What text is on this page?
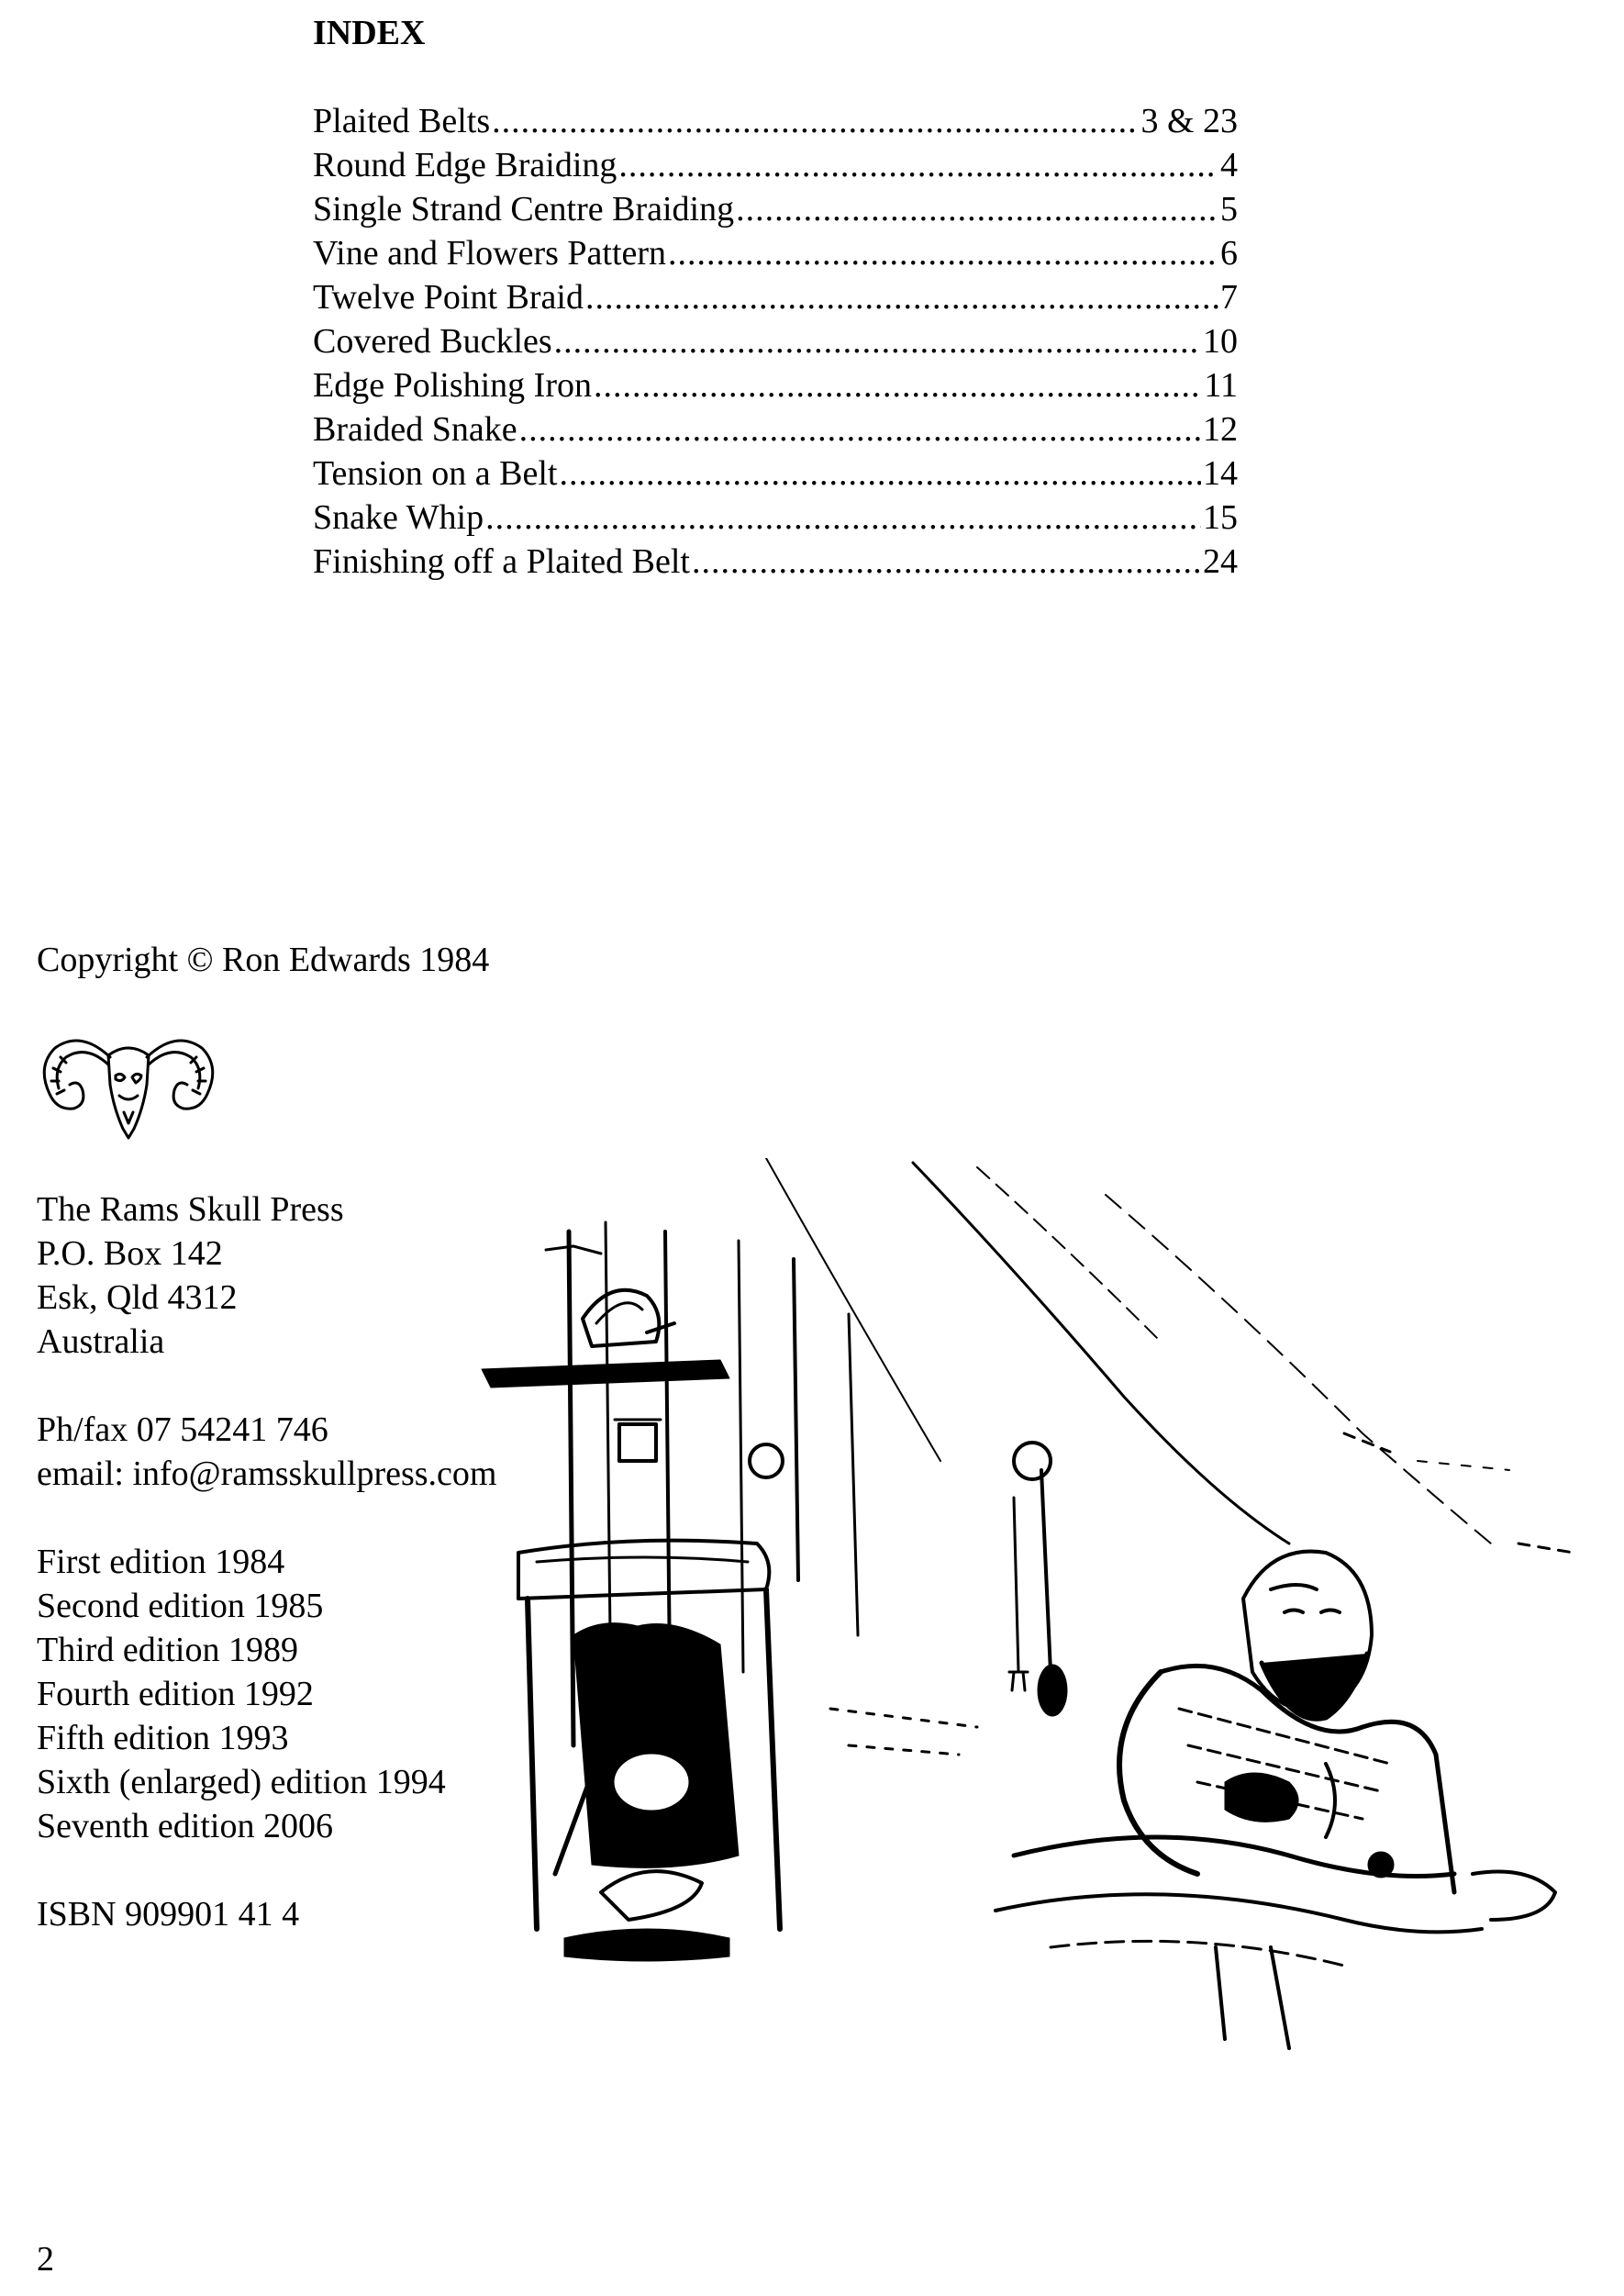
INDEX
Plaited Belts .....	3 & 23
Round Edge Braiding .....	4
Single Strand Centre Braiding .....	5
Vine and Flowers Pattern .....	6
Twelve Point Braid .....	7
Covered Buckles .....	10
Edge Polishing Iron .....	11
Braided Snake .....	12
Tension on a Belt .....	14
Snake Whip .....	15
Finishing off a Plaited Belt .....	24
Copyright © Ron Edwards 1984
The Rams Skull Press
P.O. Box 142
Esk, Qld 4312
Australia
Ph/fax 07 54241 746
email: info@ramsskullpress.com
First edition 1984
Second edition 1985
Third edition 1989
Fourth edition 1992
Fifth edition 1993
Sixth (enlarged) edition 1994
Seventh edition 2006
ISBN 909901 41 4
2
